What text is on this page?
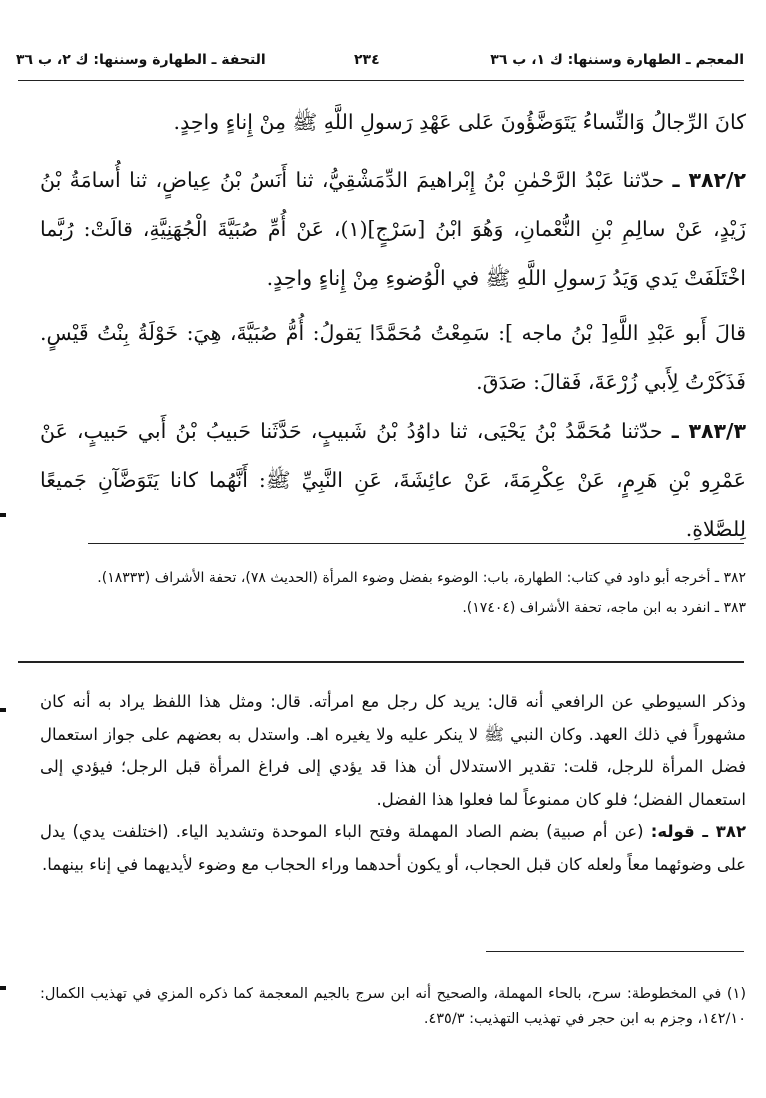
المعجم ـ الطهارة وسننها: ك ١، ب ٣٦
٢٣٤
التحفة ـ الطهارة وسننها: ك ٢، ب ٣٦

كانَ الرِّجالُ وَالنِّساءُ يَتَوَضَّؤُونَ عَلى عَهْدِ رَسولِ اللَّهِ ﷺ مِنْ إِناءٍ واحِدٍ.

٣٨٢/٢ ـ حدّثنا عَبْدُ الرَّحْمٰنِ بْنُ إِبْراهيمَ الدِّمَشْقِيُّ، ثنا أَنَسُ بْنُ عِياضٍ، ثنا أُسامَةُ بْنُ زَيْدٍ، عَنْ سالِمِ بْنِ النُّعْمانِ، وَهُوَ ابْنُ [سَرْجٍ](١)، عَنْ أُمِّ صُبَيَّةَ الْجُهَنِيَّةِ، قالَتْ: رُبَّما اخْتَلَفَتْ يَدي وَيَدُ رَسولِ اللَّهِ ﷺ في الْوُضوءِ مِنْ إِناءٍ واحِدٍ.

قالَ أَبو عَبْدِ اللَّهِ[ بْنُ ماجه ]: سَمِعْتُ مُحَمَّدًا يَقولُ: أُمُّ صُبَيَّةَ، هِيَ: خَوْلَةُ بِنْتُ قَيْسٍ. فَذَكَرْتُ لِأَبي زُرْعَةَ، فَقالَ: صَدَقَ.

٣٨٣/٣ ـ حدّثنا مُحَمَّدُ بْنُ يَحْيَى، ثنا داوُدُ بْنُ شَبيبٍ، حَدَّثَنا حَبيبُ بْنُ أَبي حَبيبٍ، عَنْ عَمْرِو بْنِ هَرِمٍ، عَنْ عِكْرِمَةَ، عَنْ عائِشَةَ، عَنِ النَّبِيِّ ﷺ: أَنَّهُما كانا يَتَوَضَّآنِ جَميعًا لِلصَّلاةِ.

٣٨٢ ـ أخرجه أبو داود في كتاب: الطهارة، باب: الوضوء بفضل وضوء المرأة (الحديث ٧٨)، تحفة الأشراف (١٨٣٣٣).

٣٨٣ ـ انفرد به ابن ماجه، تحفة الأشراف (١٧٤٠٤).

وذكر السيوطي عن الرافعي أنه قال: يريد كل رجل مع امرأته. قال: ومثل هذا اللفظ يراد به أنه كان مشهوراً في ذلك العهد. وكان النبي ﷺ لا ينكر عليه ولا يغيره اهـ. واستدل به بعضهم على جواز استعمال فضل المرأة للرجل، قلت: تقدير الاستدلال أن هذا قد يؤدي إلى فراغ المرأة قبل الرجل؛ فيؤدي إلى استعمال الفضل؛ فلو كان ممنوعاً لما فعلوا هذا الفضل.

٣٨٢ ـ قوله: (عن أم صبية) بضم الصاد المهملة وفتح الباء الموحدة وتشديد الياء. (اختلفت يدي) يدل على وضوئهما معاً ولعله كان قبل الحجاب، أو يكون أحدهما وراء الحجاب مع وضوء لأيديهما في إناء بينهما.

(١) في المخطوطة: سرح، بالحاء المهملة، والصحيح أنه ابن سرج بالجيم المعجمة كما ذكره المزي في تهذيب الكمال: ١٤٢/١٠، وجزم به ابن حجر في تهذيب التهذيب: ٤٣٥/٣.
